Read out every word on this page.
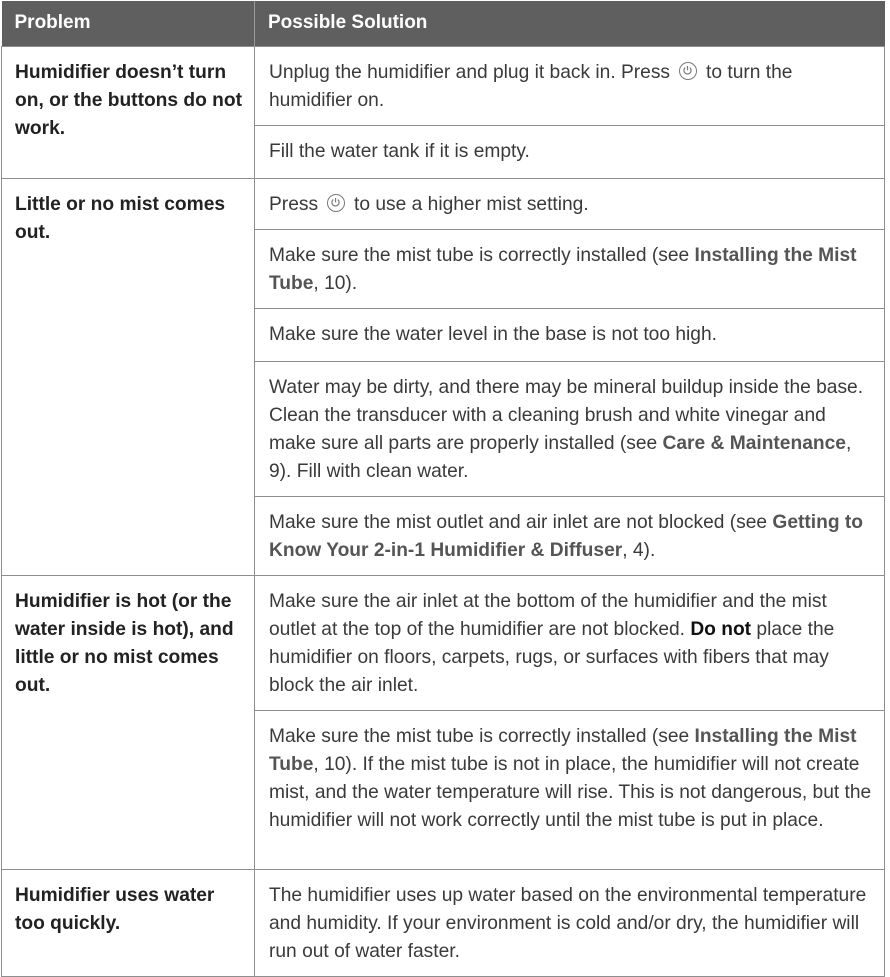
Problem	Possible Solution
Humidifier doesn’t turn on, or the buttons do not work.	Unplug the humidifier and plug it back in. Press to turn the humidifier on.
	Fill the water tank if it is empty.
Little or no mist comes out.	Press to use a higher mist setting.
	Make sure the mist tube is correctly installed (see Installing the Mist Tube, 10).
	Make sure the water level in the base is not too high.
	Water may be dirty, and there may be mineral buildup inside the base. Clean the transducer with a cleaning brush and white vinegar and make sure all parts are properly installed (see Care & Maintenance, 9). Fill with clean water.
	Make sure the mist outlet and air inlet are not blocked (see Getting to Know Your 2-in-1 Humidifier & Diffuser, 4).
Humidifier is hot (or the water inside is hot), and little or no mist comes out.	Make sure the air inlet at the bottom of the humidifier and the mist outlet at the top of the humidifier are not blocked. Do not place the humidifier on floors, carpets, rugs, or surfaces with fibers that may block the air inlet.
	Make sure the mist tube is correctly installed (see Installing the Mist Tube, 10). If the mist tube is not in place, the humidifier will not create mist, and the water temperature will rise. This is not dangerous, but the humidifier will not work correctly until the mist tube is put in place.
Humidifier uses water too quickly.	The humidifier uses up water based on the environmental temperature and humidity. If your environment is cold and/or dry, the humidifier will run out of water faster.
